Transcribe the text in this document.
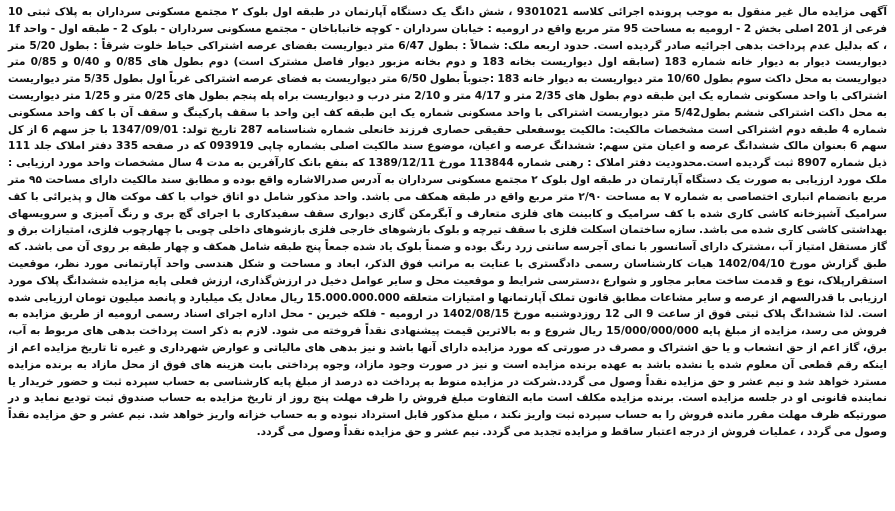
آگهی مزایده مال غیر منقول به موجب پرونده اجرائی کلاسه 9301021 ، شش دانگ یک دستگاه آپارتمان در طبقه اول بلوک ۲ مجتمع مسکونی سرداران به پلاک ثبتی 10 فرعی از 201 اصلی بخش 2 - ارومیه به مساحت 95 متر مربع واقع در ارومیه : خیابان سرداران - کوچه خانباباخان - مجتمع مسکونی سرداران - بلوک 2 - طبقه اول - واحد 1f ، که بدلیل عدم پرداخت بدهی اجرائیه صادر گردیده است. حدود اربعه ملک: شمالاً : بطول 6/47 متر دیواریست بفضای عرصه اشتراکی حیاط خلوت شرقاً : بطول 5/20 متر دیواریست دیوار به دیوار خانه شماره 183 (سابقه اول دیواریست بخانه 183 و دوم بخانه مزبور دیوار فاصل مشترک است) دوم بطول های 0/85 و 0/40 و 0/85 متر دیواریست به محل داکت سوم بطول 10/60 متر دیواریست به دیوار خانه 183 :جنوباً بطول 6/50 متر دیواریست به فضای عرصه اشتراکی غرباً اول بطول 5/35 متر دیواریست اشتراکی با واحد مسکونی شماره یک این طبقه دوم بطول های 2/35 متر و 4/17 متر و 2/10 متر درب و دیواریست براه پله پنجم بطول های 0/25 متر و 1/25 متر دیواریست به محل داکت اشتراکی ششم بطول5/42 متر دیواریست اشتراکی با واحد مسکونی شماره یک این طبقه کف این واحد با سقف پارکینگ و سقف آن با کف واحد مسکونی شماره 4 طبقه دوم اشتراکی است مشخصات مالکیت: مالکیت یوسفعلی حقیقی حصاری فرزند خانعلی شماره شناسنامه 287 تاریخ تولد: 1347/09/01 با جز سهم 6 از کل سهم 6 بعنوان مالک ششدانگ عرصه و اعیان متن سهم: ششدانگ عرصه و اعیان، موضوع سند مالکیت اصلی بشماره چاپی 093919 که در صفحه 335 دفتر املاک جلد 111 ذیل شماره 8907 ثبت گردیده است.محدودیت دفتر املاک : رهنی شماره 113844 مورخ 1389/12/11 که بنفع بانک کارآفرین به مدت 4 سال مشخصات واحد مورد ارزیابی : ملک مورد ارزیابی به صورت یک دستگاه آپارتمان در طبقه اول بلوک ۲ مجتمع مسکونی سرداران به آدرس صدرالاشاره واقع بوده و مطابق سند مالکیت دارای مساحت ۹۵ متر مربع بانضمام انباری اختصاصی به شماره ۷ به مساحت ۲/۹۰ متر مربع واقع در طبقه همکف می باشد. واحد مذکور شامل دو اتاق خواب با کف موکت هال و پذیرائی با کف سرامیک آشپزخانه کاشی کاری شده با کف سرامیک و کابینت های فلزی متعارف و آبگرمکن گازی دیواری سقف سفیدکاری با اجرای گچ بری و رنگ آمیزی و سرویسهای بهداشتی کاشی کاری شده می باشد. سازه ساختمان اسکلت فلزی با سقف تیرچه و بلوک بازشوهای خارجی فلزی بازشوهای داخلی چوبی با چهارچوب فلزی، امتیازات برق و گاز مستقل امتیاز آب ،مشترک دارای آسانسور با نمای آجرسه سانتی زرد رنگ بوده و ضمناً بلوک یاد شده جمعاً پنج طبقه شامل همکف و چهار طبقه بر روی آن می باشد. که طبق گزارش مورخ 1402/04/10 هیات کارشناسان رسمی دادگستری با عنایت به مراتب فوق الذکر، ابعاد و مساحت و شکل هندسی واحد آپارتمانی مورد نظر، موقعیت استقرارپلاک، نوع و قدمت ساخت معابر مجاور و شوارع ،دسترسی شرایط و موقعیت محل و سایر عوامل دخیل در ارزش‌گذاری، ارزش فعلی پایه مزایده ششدانگ پلاک مورد ارزیابی با قدرالسهم از عرصه و سایر مشاعات مطابق قانون تملک آپارتمانها و امتیازات متعلقه 15.000.000.000 ریال معادل یک میلیارد و پانصد میلیون تومان ارزیابی شده است. لذا ششدانگ پلاک ثبتی فوق از ساعت 9 الی 12 روزدوشنبه مورخ 1402/08/15 در ارومیه - فلکه خیرین - محل اداره اجرای اسناد رسمی ارومیه از طریق مزایده به فروش می رسد، مزایده از مبلغ پایه 15/000/000/000 ریال شروع و به بالاترین قیمت پیشنهادی نقداً فروخته می شود. لازم به ذکر است پرداخت بدهی های مربوط به آب، برق، گاز اعم از حق انشعاب و یا حق اشتراک و مصرف در صورتی که مورد مزایده دارای آنها باشد و نیز بدهی های مالیاتی و عوارض شهرداری و غیره تا تاریخ مزایده اعم از اینکه رقم قطعی آن معلوم شده یا نشده باشد به عهده برنده مزایده است و نیز در صورت وجود مازاد، وجوه پرداختی بابت هزینه های فوق از محل مازاد به برنده مزایده مسترد خواهد شد و نیم عشر و حق مزایده نقداً وصول می گردد.شرکت در مزایده منوط به پرداخت ده درصد از مبلغ پایه کارشناسی به حساب سپرده ثبت و حضور خریدار یا نماینده قانونی او در جلسه مزایده است. برنده مزایده مکلف است مابه التفاوت مبلغ فروش را ظرف مهلت پنج روز از تاریخ مزایده به حساب صندوق ثبت تودیع نماید و در صورتیکه ظرف مهلت مقرر مانده فروش را به حساب سپرده ثبت واریز نکند ، مبلغ مذکور قابل استرداد نبوده و به حساب خزانه واریز خواهد شد. نیم عشر و حق مزایده نقداً وصول می گردد ، عملیات فروش از درجه اعتبار ساقط و مزایده تجدید می گردد. نیم عشر و حق مزایده نقداً وصول می گردد.
